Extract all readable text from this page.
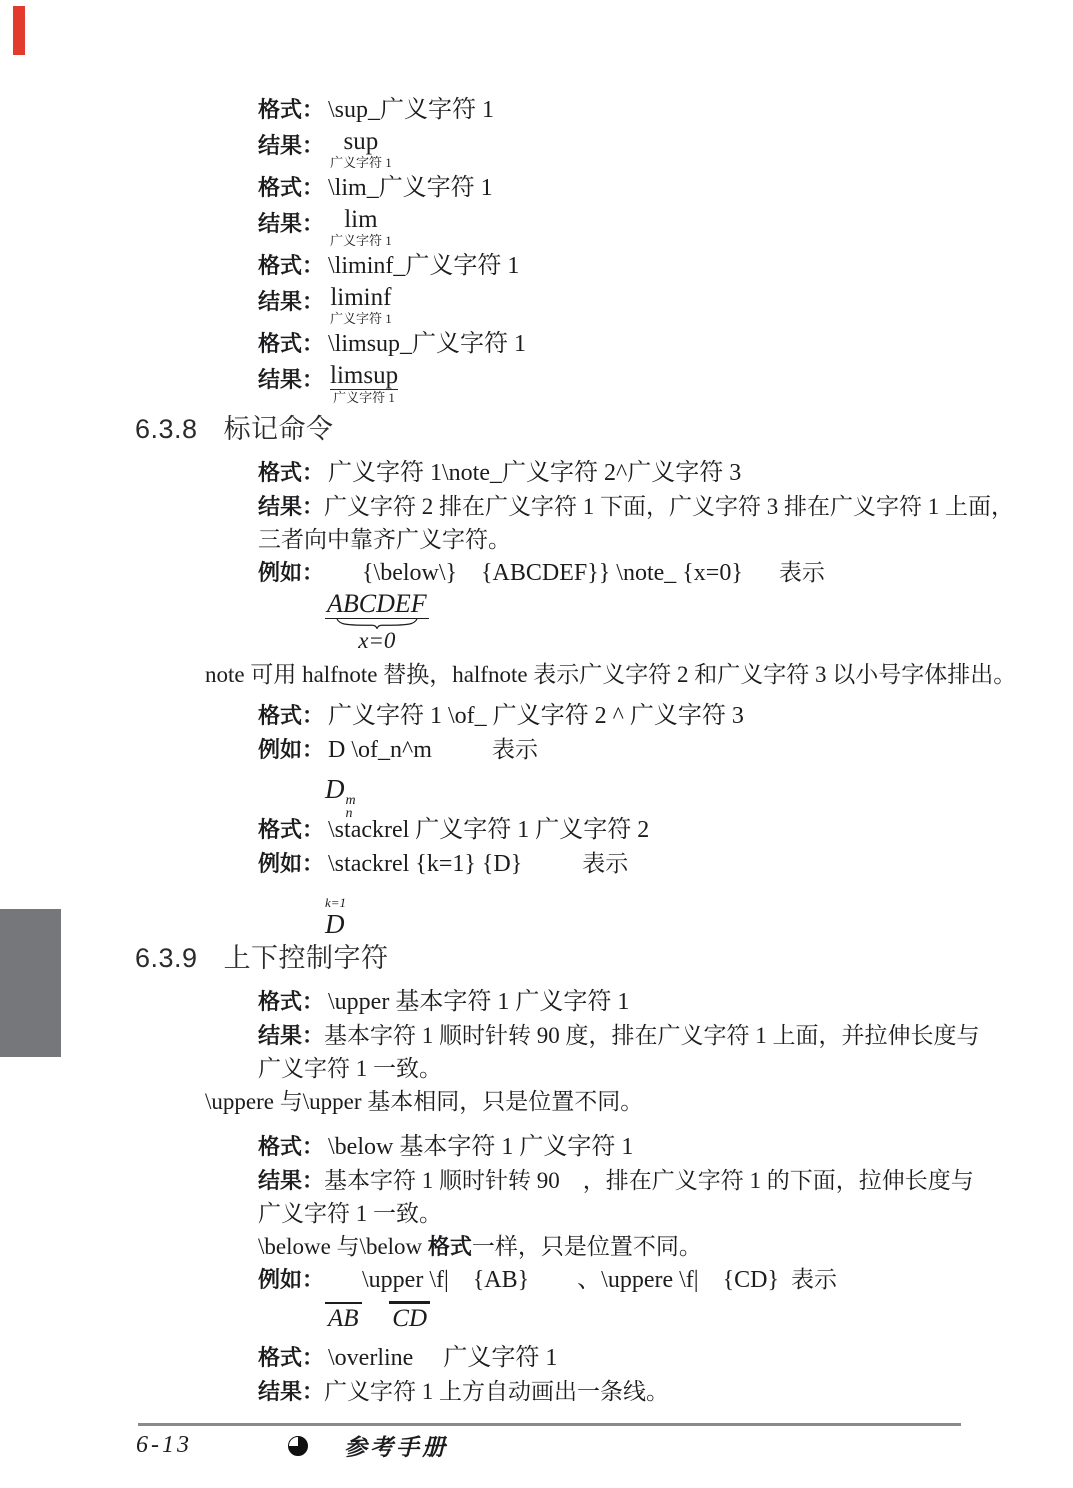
格式： \sup_广义字符 1
结果： sup
广义字符 1
格式： \lim_广义字符 1
结果： lim
广义字符 1
格式： \liminf_广义字符 1
结果： liminf
广义字符 1
格式： \limsup_广义字符 1
结果： limsup
广义字符 1
6.3.8 标记命令
格式： 广义字符 1\note_广义字符 2^广义字符 3
结果：广义字符 2 排在广义字符 1 下面，广义字符 3 排在广义字符 1 上面，
三者向中靠齐广义字符。
例如： {\below\}　{ABCDEF}} \note_ {x=0} 表示
ABCDEF
x=0
note 可用 halfnote 替换，halfnote 表示广义字符 2 和广义字符 3 以小号字体排出。
格式： 广义字符 1 \of_ 广义字符 2 ^ 广义字符 3
例如： D \of_n^m	表示
D m
n
格式： \stackrel 广义字符 1 广义字符 2
例如： \stackrel {k=1} {D}	表示
k=1
D
6.3.9 上下控制字符
格式： \upper 基本字符 1 广义字符 1
结果：基本字符 1 顺时针转 90 度，排在广义字符 1 上面，并拉伸长度与
广义字符 1 一致。
\uppere 与\upper 基本相同，只是位置不同。
格式： \below 基本字符 1 广义字符 1
结果：基本字符 1 顺时针转 90　，排在广义字符 1 的下面，拉伸长度与
广义字符 1 一致。
\belowe 与\below 格式一样，只是位置不同。
例如： \upper \f|　{AB}　　、\uppere \f|　{CD} 表示
AB CD
格式： \overline　 广义字符 1
结果：广义字符 1 上方自动画出一条线。
6-13	参考手册
